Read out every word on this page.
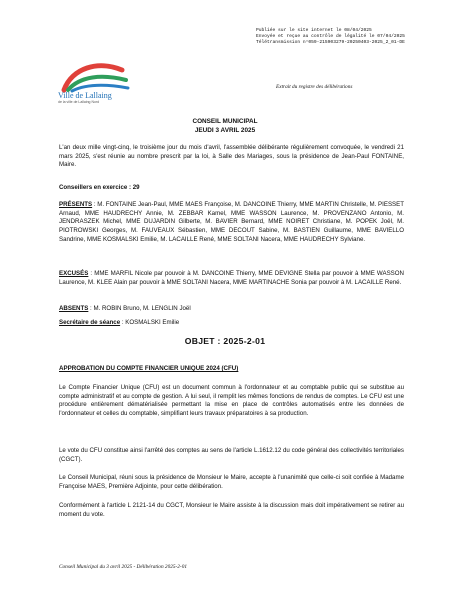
Ville de Lallaing
de la ville de Lallaing Nord
Publiée sur le site internet le 08/04/2025
Envoyée et reçue au contrôle de légalité le 07/04/2025
Télétransmission n°059-215903279-20250403-2025_2_01-DE
Extrait du registre des délibérations
CONSEIL MUNICIPAL
JEUDI 3 AVRIL 2025
L'an deux mille vingt-cinq, le troisième jour du mois d'avril, l'assemblée délibérante régulièrement convoquée, le vendredi 21 mars 2025, s'est réunie au nombre prescrit par la loi, à Salle des Mariages, sous la présidence de Jean-Paul FONTAINE, Maire.
Conseillers en exercice : 29
PRÉSENTS : M. FONTAINE Jean-Paul, MME MAES Françoise, M. DANCOINE Thierry, MME MARTIN Christelle, M. PIESSET Arnaud, MME HAUDRECHY Annie, M. ZEBBAR Kamel, MME WASSON Laurence, M. PROVENZANO Antonio, M. JENDRASZEK Michel, MME DUJARDIN Gilberte, M. BAVIER Bernard, MME NOIRET Christiane, M. POPEK Joël, M. PIOTROWSKI Georges, M. FAUVEAUX Sébastien, MME DECOUT Sabine, M. BASTIEN Guillaume, MME BAVIELLO Sandrine, MME KOSMALSKI Emilie, M. LACAILLE René, MME SOLTANI Nacera, MME HAUDRECHY Sylviane.
EXCUSÉS : MME MARFIL Nicole par pouvoir à M. DANCOINE Thierry, MME DEVIGNE Stella par pouvoir à MME WASSON Laurence, M. KLEE Alain par pouvoir à MME SOLTANI Nacera, MME MARTINACHE Sonia par pouvoir à M. LACAILLE René.
ABSENTS : M. ROBIN Bruno, M. LENGLIN Joël
Secrétaire de séance : KOSMALSKI Emilie
OBJET : 2025-2-01
APPROBATION DU COMPTE FINANCIER UNIQUE 2024 (CFU)
Le Compte Financier Unique (CFU) est un document commun à l'ordonnateur et au comptable public qui se substitue au compte administratif et au compte de gestion. A lui seul, il remplit les mêmes fonctions de rendus de comptes. Le CFU est une procédure entièrement dématérialisée permettant la mise en place de contrôles automatisés entre les données de l'ordonnateur et celles du comptable, simplifiant leurs travaux préparatoires à sa production.
Le vote du CFU constitue ainsi l'arrêté des comptes au sens de l'article L.1612.12 du code général des collectivités territoriales (CGCT).
Le Conseil Municipal, réuni sous la présidence de Monsieur le Maire, accepte à l'unanimité que celle-ci soit confiée à Madame Françoise MAES, Première Adjointe, pour cette délibération.
Conformément à l'article L 2121-14 du CGCT, Monsieur le Maire assiste à la discussion mais doit impérativement se retirer au moment du vote.
Conseil Municipal du 3 avril 2025 - Délibération 2025-2-01
